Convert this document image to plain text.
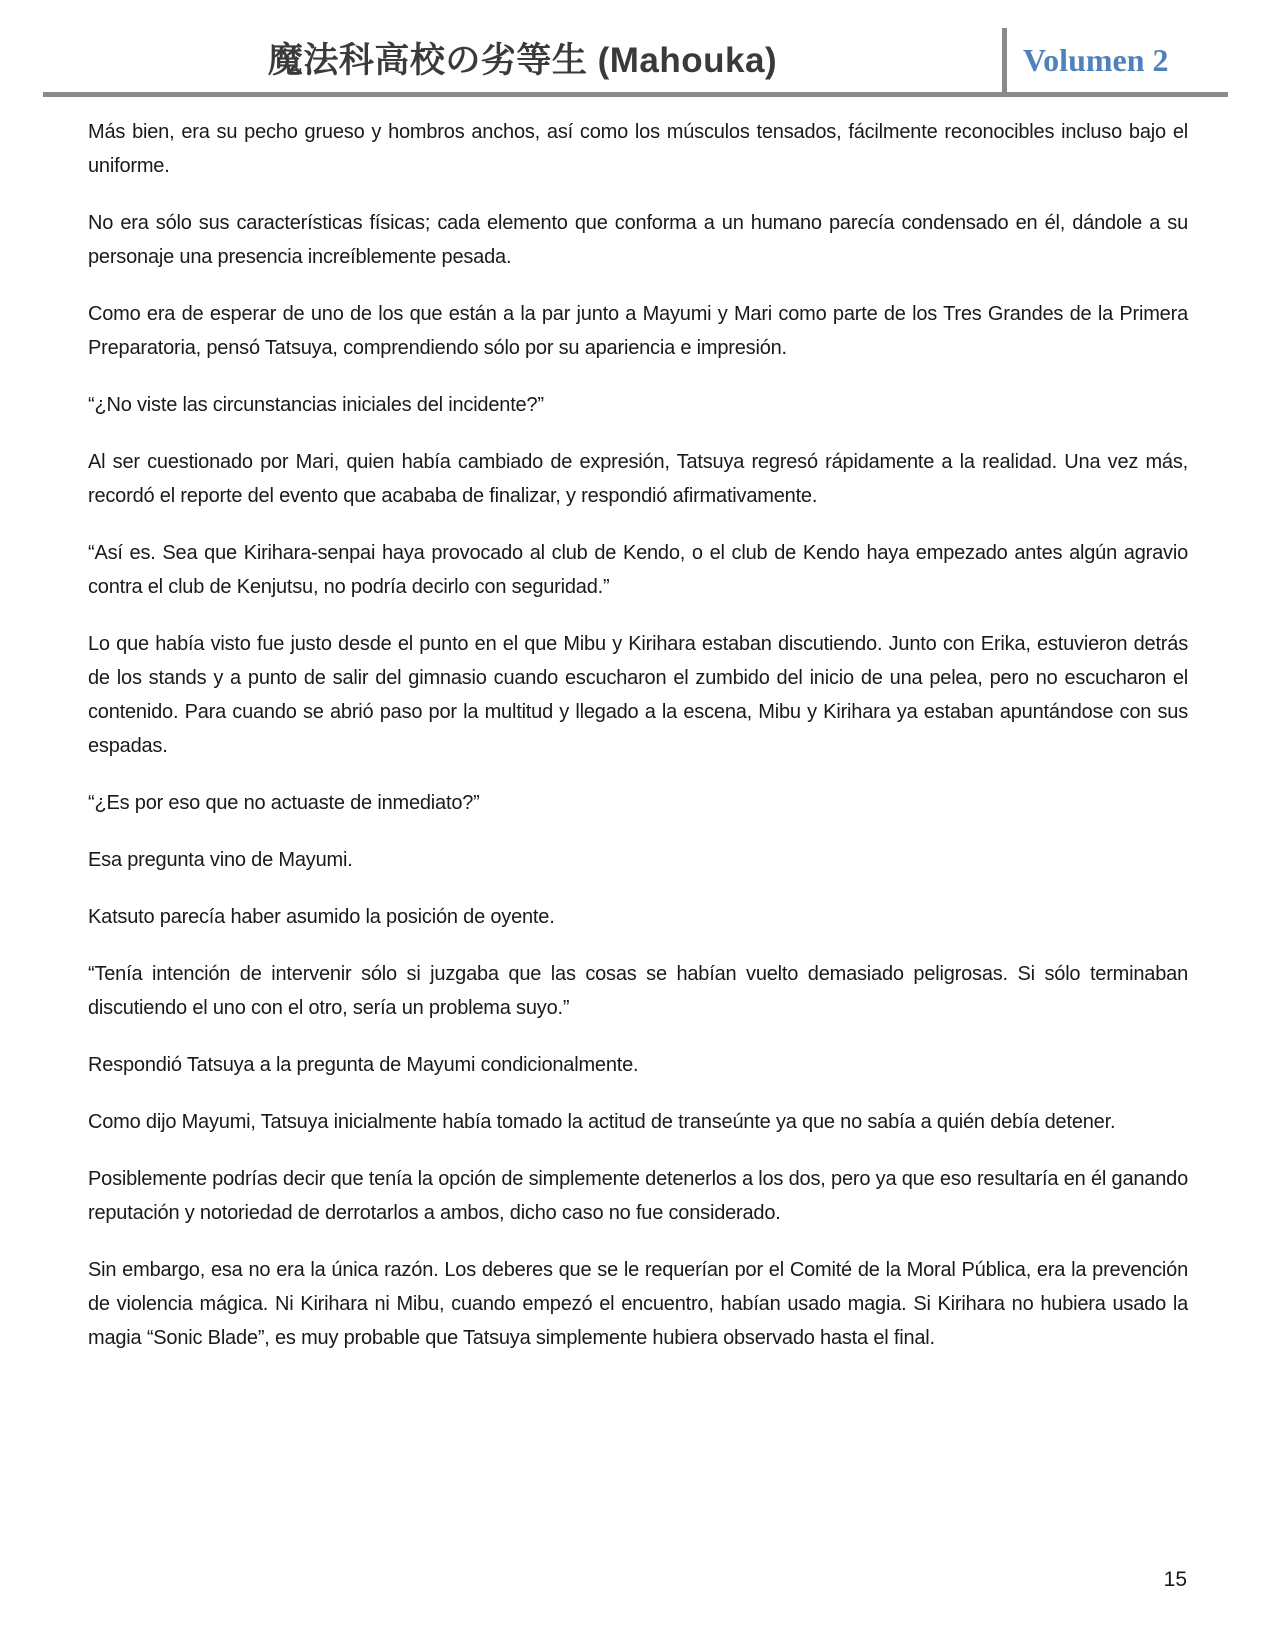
魔法科高校の劣等生 (Mahouka)	Volumen 2

Más bien, era su pecho grueso y hombros anchos, así como los músculos tensados, fácilmente reconocibles incluso bajo el uniforme.

No era sólo sus características físicas; cada elemento que conforma a un humano parecía condensado en él, dándole a su personaje una presencia increíblemente pesada.

Como era de esperar de uno de los que están a la par junto a Mayumi y Mari como parte de los Tres Grandes de la Primera Preparatoria, pensó Tatsuya, comprendiendo sólo por su apariencia e impresión.

“¿No viste las circunstancias iniciales del incidente?”

Al ser cuestionado por Mari, quien había cambiado de expresión, Tatsuya regresó rápidamente a la realidad. Una vez más, recordó el reporte del evento que acababa de finalizar, y respondió afirmativamente.

“Así es. Sea que Kirihara-senpai haya provocado al club de Kendo, o el club de Kendo haya empezado antes algún agravio contra el club de Kenjutsu, no podría decirlo con seguridad.”

Lo que había visto fue justo desde el punto en el que Mibu y Kirihara estaban discutiendo. Junto con Erika, estuvieron detrás de los stands y a punto de salir del gimnasio cuando escucharon el zumbido del inicio de una pelea, pero no escucharon el contenido. Para cuando se abrió paso por la multitud y llegado a la escena, Mibu y Kirihara ya estaban apuntándose con sus espadas.

“¿Es por eso que no actuaste de inmediato?”

Esa pregunta vino de Mayumi.

Katsuto parecía haber asumido la posición de oyente.

“Tenía intención de intervenir sólo si juzgaba que las cosas se habían vuelto demasiado peligrosas. Si sólo terminaban discutiendo el uno con el otro, sería un problema suyo.”

Respondió Tatsuya a la pregunta de Mayumi condicionalmente.

Como dijo Mayumi, Tatsuya inicialmente había tomado la actitud de transeúnte ya que no sabía a quién debía detener.

Posiblemente podrías decir que tenía la opción de simplemente detenerlos a los dos, pero ya que eso resultaría en él ganando reputación y notoriedad de derrotarlos a ambos, dicho caso no fue considerado.

Sin embargo, esa no era la única razón. Los deberes que se le requerían por el Comité de la Moral Pública, era la prevención de violencia mágica. Ni Kirihara ni Mibu, cuando empezó el encuentro, habían usado magia. Si Kirihara no hubiera usado la magia “Sonic Blade”, es muy probable que Tatsuya simplemente hubiera observado hasta el final.

15
